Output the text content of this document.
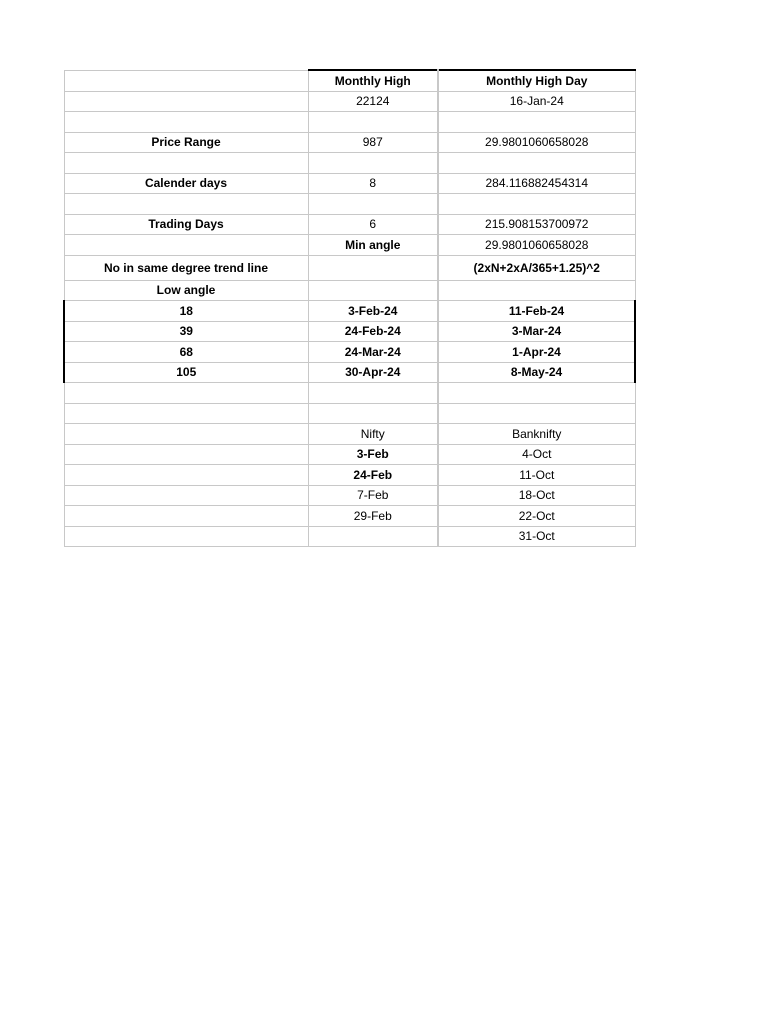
	Monthly High	Monthly High Day
	22124	16-Jan-24

Price Range	987	29.9801060658028

Calender days	8	284.116882454314

Trading Days	6	215.908153700972
	Min angle	29.9801060658028
No in same degree trend line		(2xN+2xA/365+1.25)^2
Low angle		
18	3-Feb-24	11-Feb-24
39	24-Feb-24	3-Mar-24
68	24-Mar-24	1-Apr-24
105	30-Apr-24	8-May-24

	Nifty	Banknifty
	3-Feb	4-Oct
	24-Feb	11-Oct
	7-Feb	18-Oct
	29-Feb	22-Oct
		31-Oct
